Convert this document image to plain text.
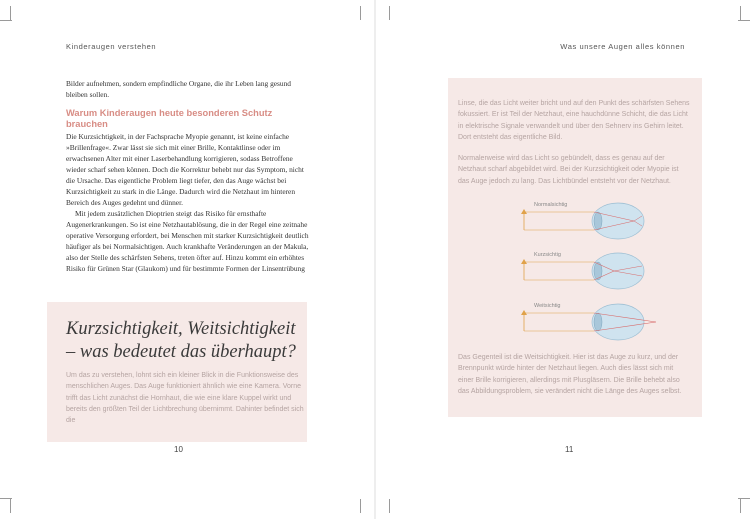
Kinderaugen verstehen

Bilder aufnehmen, sondern empfindliche Organe, die ihr Leben lang gesund bleiben sollen.

Warum Kinderaugen heute besonderen Schutz brauchen

Die Kurzsichtigkeit, in der Fachsprache Myopie genannt, ist keine einfache »Brillenfrage«. Zwar lässt sie sich mit einer Brille, Kontaktlinse oder im erwachsenen Alter mit einer Laserbehandlung korrigieren, sodass Betroffene wieder scharf sehen können. Doch die Korrektur behebt nur das Symptom, nicht die Ursache. Das eigentliche Problem liegt tiefer, den das Auge wächst bei Kurzsichtigkeit zu stark in die Länge. Dadurch wird die Netzhaut im hinteren Bereich des Auges gedehnt und dünner.

Mit jedem zusätzlichen Dioptrien steigt das Risiko für ernsthafte Augenerkrankungen. So ist eine Netzhautablösung, die in der Regel eine zeitnahe operative Versorgung erfordert, bei Menschen mit starker Kurzsichtigkeit deutlich häufiger als bei Normalsichtigen. Auch krankhafte Veränderungen an der Makula, also der Stelle des schärfsten Sehens, treten öfter auf. Hinzu kommt ein erhöhtes Risiko für Grünen Star (Glaukom) und für bestimmte Formen der Linsentrübung

Kurzsichtigkeit, Weitsichtigkeit – was bedeutet das überhaupt?

Um das zu verstehen, lohnt sich ein kleiner Blick in die Funktionsweise des menschlichen Auges. Das Auge funktioniert ähnlich wie eine Kamera. Vorne trifft das Licht zunächst die Hornhaut, die wie eine klare Kuppel wirkt und bereits den größten Teil der Lichtbrechung übernimmt. Dahinter befindet sich die

10
Was unsere Augen alles können

Linse, die das Licht weiter bricht und auf den Punkt des schärfsten Sehens fokussiert. Er ist Teil der Netzhaut, eine hauchdünne Schicht, die das Licht in elektrische Signale verwandelt und über den Sehnerv ins Gehirn leitet. Dort entsteht das eigentliche Bild.

Normalerweise wird das Licht so gebündelt, dass es genau auf der Netzhaut scharf abgebildet wird. Bei der Kurzsichtigkeit oder Myopie ist das Auge jedoch zu lang. Das Lichtbündel entsteht vor der Netzhaut.

Normalsichtig
Kurzsichtig
Weitsichtig

Das Gegenteil ist die Weitsichtigkeit. Hier ist das Auge zu kurz, und der Brennpunkt würde hinter der Netzhaut liegen. Auch dies lässt sich mit einer Brille korrigieren, allerdings mit Plusgläsern. Die Brille behebt also das Abbildungsproblem, sie verändert nicht die Länge des Auges selbst.

11
